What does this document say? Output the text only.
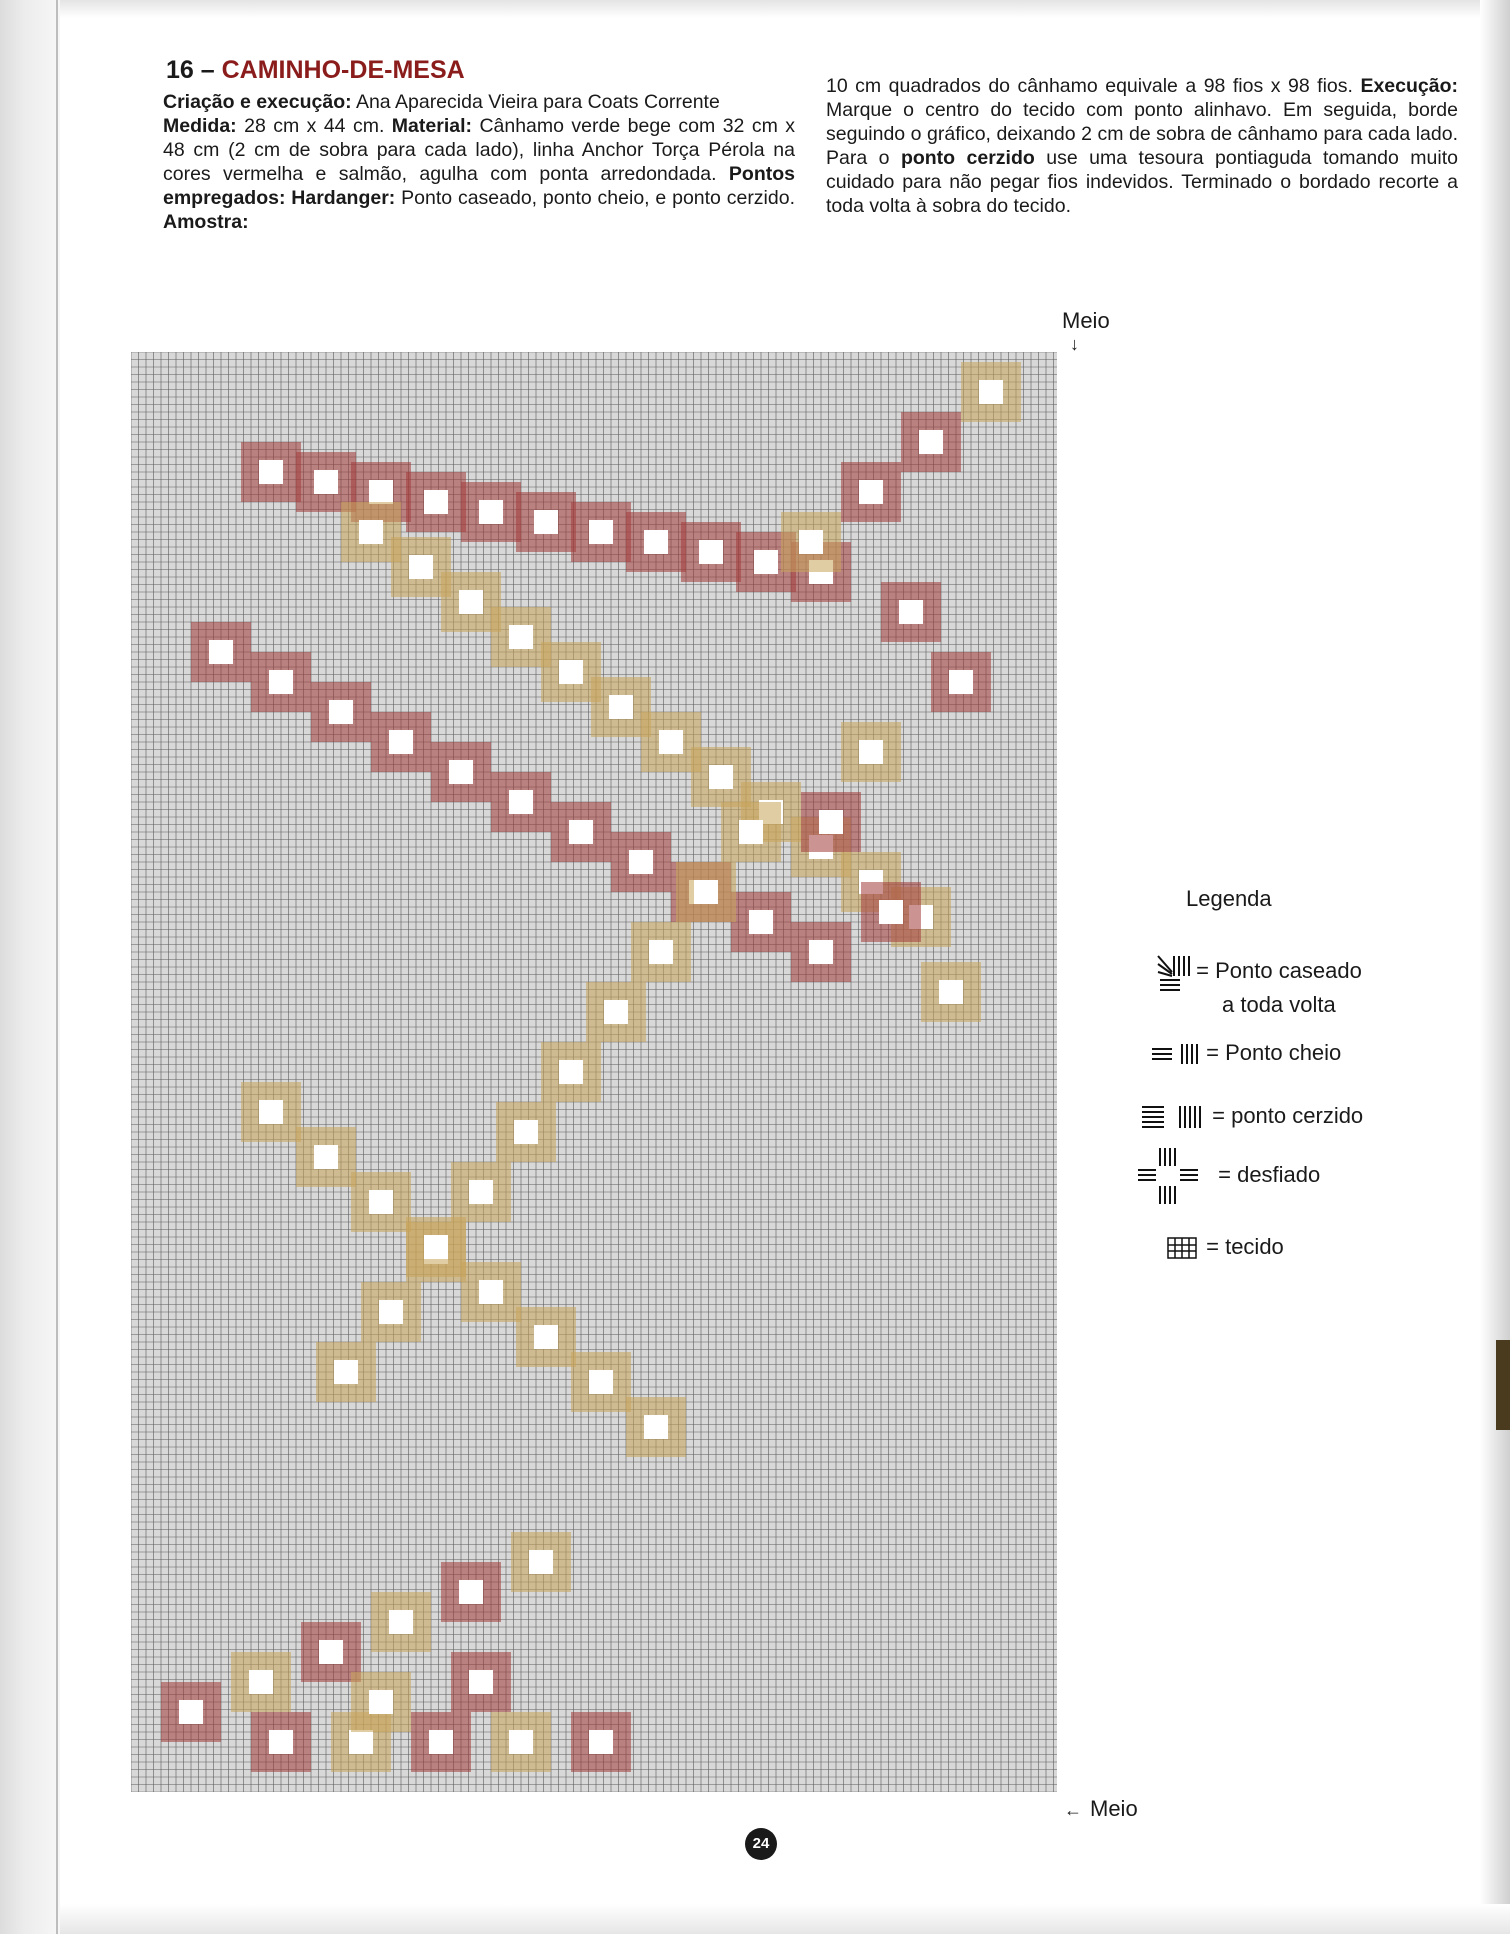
16 – CAMINHO-DE-MESA

Criação e execução: Ana Aparecida Vieira para Coats Corrente

Medida: 28 cm x 44 cm. Material: Cânhamo verde bege com 32 cm x 48 cm (2 cm de sobra para cada lado), linha Anchor Torça Pérola na cores vermelha e salmão, agulha com ponta arredondada. Pontos empregados: Hardanger: Ponto caseado, ponto cheio, e ponto cerzido. Amostra:

10 cm quadrados do cânhamo equivale a 98 fios x 98 fios. Execução: Marque o centro do tecido com ponto alinhavo. Em seguida, borde seguindo o gráfico, deixando 2 cm de sobra de cânhamo para cada lado. Para o ponto cerzido use uma tesoura pontiaguda tomando muito cuidado para não pegar fios indevidos. Terminado o bordado recorte a toda volta à sobra do tecido.

Meio
↓
Meio
←
Legenda
= Ponto caseado
a toda volta
= Ponto cheio
= ponto cerzido
= desfiado
= tecido
24
